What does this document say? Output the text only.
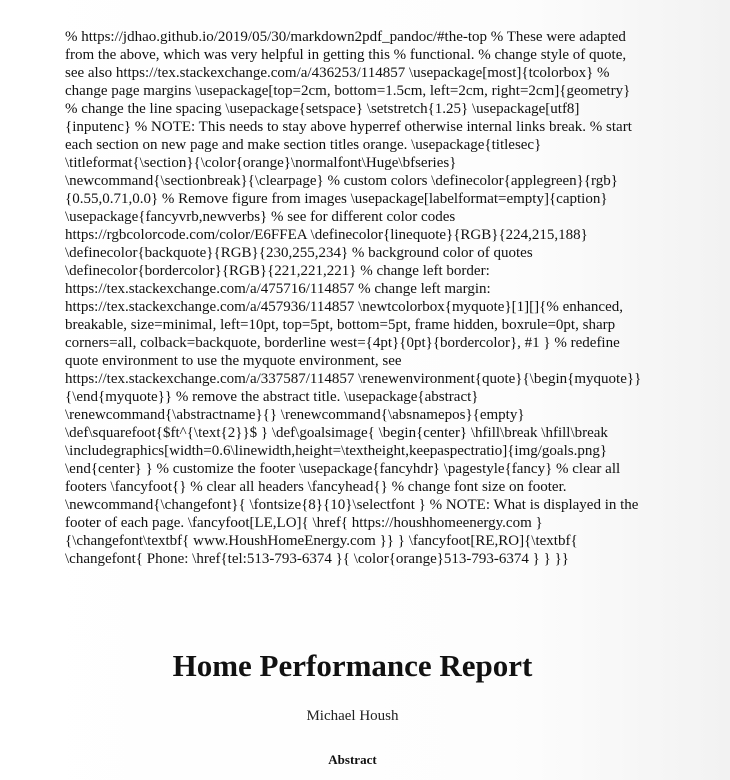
% https://jdhao.github.io/2019/05/30/markdown2pdf_pandoc/#the-top % These were adapted from the above, which was very helpful in getting this % functional. % change style of quote, see also https://tex.stackexchange.com/a/436253/114857 \usepackage[most]{tcolorbox} % change page margins \usepackage[top=2cm, bottom=1.5cm, left=2cm, right=2cm]{geometry} % change the line spacing \usepackage{setspace} \setstretch{1.25} \usepackage[utf8]{inputenc} % NOTE: This needs to stay above hyperref otherwise internal links break. % start each section on new page and make section titles orange. \usepackage{titlesec} \titleformat{\section}{\color{orange}\normalfont\Huge\bfseries} \newcommand{\sectionbreak}{\clearpage} % custom colors \definecolor{applegreen}{rgb}{0.55,0.71,0.0} % Remove figure from images \usepackage[labelformat=empty]{caption} \usepackage{fancyvrb,newverbs} % see for different color codes https://rgbcolorcode.com/color/E6FFEA \definecolor{linequote}{RGB}{224,215,188} \definecolor{backquote}{RGB}{230,255,234} % background color of quotes \definecolor{bordercolor}{RGB}{221,221,221} % change left border: https://tex.stackexchange.com/a/475716/114857 % change left margin: https://tex.stackexchange.com/a/457936/114857 \newtcolorbox{myquote}[1][]{% enhanced, breakable, size=minimal, left=10pt, top=5pt, bottom=5pt, frame hidden, boxrule=0pt, sharp corners=all, colback=backquote, borderline west={4pt}{0pt}{bordercolor}, #1 } % redefine quote environment to use the myquote environment, see https://tex.stackexchange.com/a/337587/114857 \renewenvironment{quote}{\begin{myquote}}{\end{myquote}} % remove the abstract title. \usepackage{abstract} \renewcommand{\abstractname}{} \renewcommand{\absnamepos}{empty} \def\squarefoot{$ft^{\text{2}}$ } \def\goalsimage{ \begin{center} \hfill\break \hfill\break \includegraphics[width=0.6\linewidth,height=\textheight,keepaspectratio]{img/goals.png} \end{center} } % customize the footer \usepackage{fancyhdr} \pagestyle{fancy} % clear all footers \fancyfoot{} % clear all headers \fancyhead{} % change font size on footer. \newcommand{\changefont}{ \fontsize{8}{10}\selectfont } % NOTE: What is displayed in the footer of each page. \fancyfoot[LE,LO]{ \href{ https://houshhomeenergy.com } {\changefont\textbf{ www.HoushHomeEnergy.com }} } \fancyfoot[RE,RO]{\textbf{ \changefont{ Phone: \href{tel:513-793-6374 }{ \color{orange}513-793-6374 } } }}
Home Performance Report
Michael Housh
Abstract
